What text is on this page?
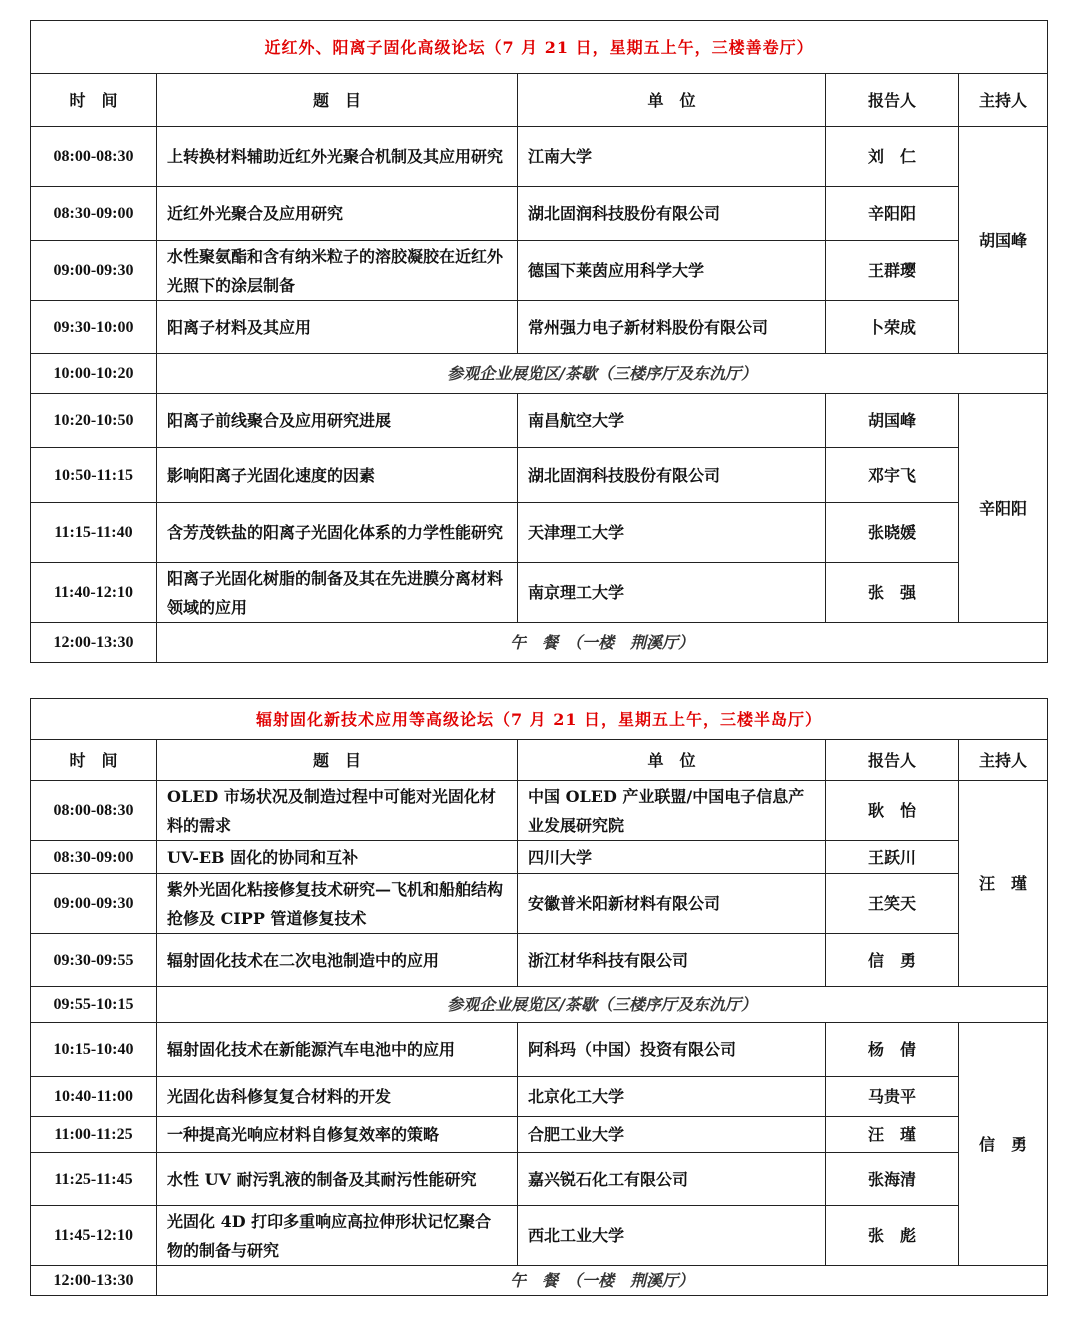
近红外、阳离子固化高级论坛（7 月 21 日，星期五上午，三楼善卷厅）				
时　间	题　目	单　位	报告人	主持人
08:00-08:30	上转换材料辅助近红外光聚合机制及其应用研究	江南大学	刘　仁	胡国峰
08:30-09:00	近红外光聚合及应用研究	湖北固润科技股份有限公司	辛阳阳	
09:00-09:30	水性聚氨酯和含有纳米粒子的溶胶凝胶在近红外光照下的涂层制备	德国下莱茵应用科学大学	王群璎	
09:30-10:00	阳离子材料及其应用	常州强力电子新材料股份有限公司	卜荣成	
10:00-10:20	参观企业展览区/茶歇（三楼序厅及东氿厅）			
10:20-10:50	阳离子前线聚合及应用研究进展	南昌航空大学	胡国峰	辛阳阳
10:50-11:15	影响阳离子光固化速度的因素	湖北固润科技股份有限公司	邓宇飞	
11:15-11:40	含芳茂铁盐的阳离子光固化体系的力学性能研究	天津理工大学	张晓媛	
11:40-12:10	阳离子光固化树脂的制备及其在先进膜分离材料领域的应用	南京理工大学	张　强	
12:00-13:30	午　餐　（一楼　荆溪厅）			
辐射固化新技术应用等高级论坛（7 月 21 日，星期五上午，三楼半岛厅）				
时　间	题　目	单　位	报告人	主持人
08:00-08:30	OLED 市场状况及制造过程中可能对光固化材料的需求	中国 OLED 产业联盟/中国电子信息产业发展研究院	耿　怡	汪　瑾
08:30-09:00	UV-EB 固化的协同和互补	四川大学	王跃川	
09:00-09:30	紫外光固化粘接修复技术研究—飞机和船舶结构抢修及 CIPP 管道修复技术	安徽普米阳新材料有限公司	王笑天	
09:30-09:55	辐射固化技术在二次电池制造中的应用	浙江材华科技有限公司	信　勇	
09:55-10:15	参观企业展览区/茶歇（三楼序厅及东氿厅）			
10:15-10:40	辐射固化技术在新能源汽车电池中的应用	阿科玛（中国）投资有限公司	杨　倩	信　勇
10:40-11:00	光固化齿科修复复合材料的开发	北京化工大学	马贵平	
11:00-11:25	一种提高光响应材料自修复效率的策略	合肥工业大学	汪　瑾	
11:25-11:45	水性 UV 耐污乳液的制备及其耐污性能研究	嘉兴锐石化工有限公司	张海清	
11:45-12:10	光固化 4D 打印多重响应高拉伸形状记忆聚合物的制备与研究	西北工业大学	张　彪	
12:00-13:30	午　餐　（一楼　荆溪厅）			
